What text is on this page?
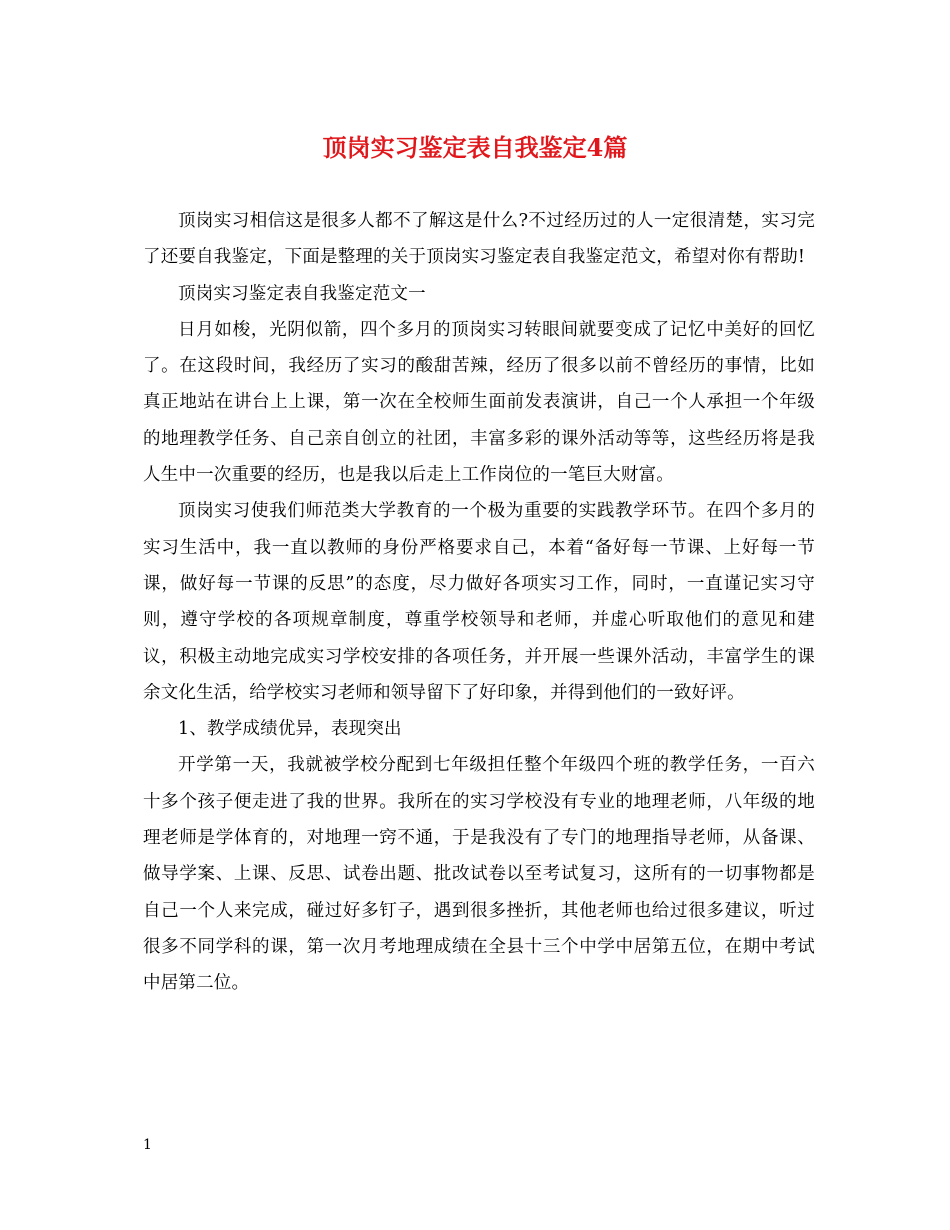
顶岗实习鉴定表自我鉴定4篇

顶岗实习相信这是很多人都不了解这是什么?不过经历过的人一定很清楚，实习完了还要自我鉴定，下面是整理的关于顶岗实习鉴定表自我鉴定范文，希望对你有帮助!

顶岗实习鉴定表自我鉴定范文一

日月如梭，光阴似箭，四个多月的顶岗实习转眼间就要变成了记忆中美好的回忆了。在这段时间，我经历了实习的酸甜苦辣，经历了很多以前不曾经历的事情，比如真正地站在讲台上上课，第一次在全校师生面前发表演讲，自己一个人承担一个年级的地理教学任务、自己亲自创立的社团，丰富多彩的课外活动等等，这些经历将是我人生中一次重要的经历，也是我以后走上工作岗位的一笔巨大财富。

顶岗实习使我们师范类大学教育的一个极为重要的实践教学环节。在四个多月的实习生活中，我一直以教师的身份严格要求自己，本着“备好每一节课、上好每一节课，做好每一节课的反思”的态度，尽力做好各项实习工作，同时，一直谨记实习守则，遵守学校的各项规章制度，尊重学校领导和老师，并虚心听取他们的意见和建议，积极主动地完成实习学校安排的各项任务，并开展一些课外活动，丰富学生的课余文化生活，给学校实习老师和领导留下了好印象，并得到他们的一致好评。

1、教学成绩优异，表现突出

开学第一天，我就被学校分配到七年级担任整个年级四个班的教学任务，一百六十多个孩子便走进了我的世界。我所在的实习学校没有专业的地理老师，八年级的地理老师是学体育的，对地理一窍不通，于是我没有了专门的地理指导老师，从备课、做导学案、上课、反思、试卷出题、批改试卷以至考试复习，这所有的一切事物都是自己一个人来完成，碰过好多钉子，遇到很多挫折，其他老师也给过很多建议，听过很多不同学科的课，第一次月考地理成绩在全县十三个中学中居第五位，在期中考试中居第二位。

1
